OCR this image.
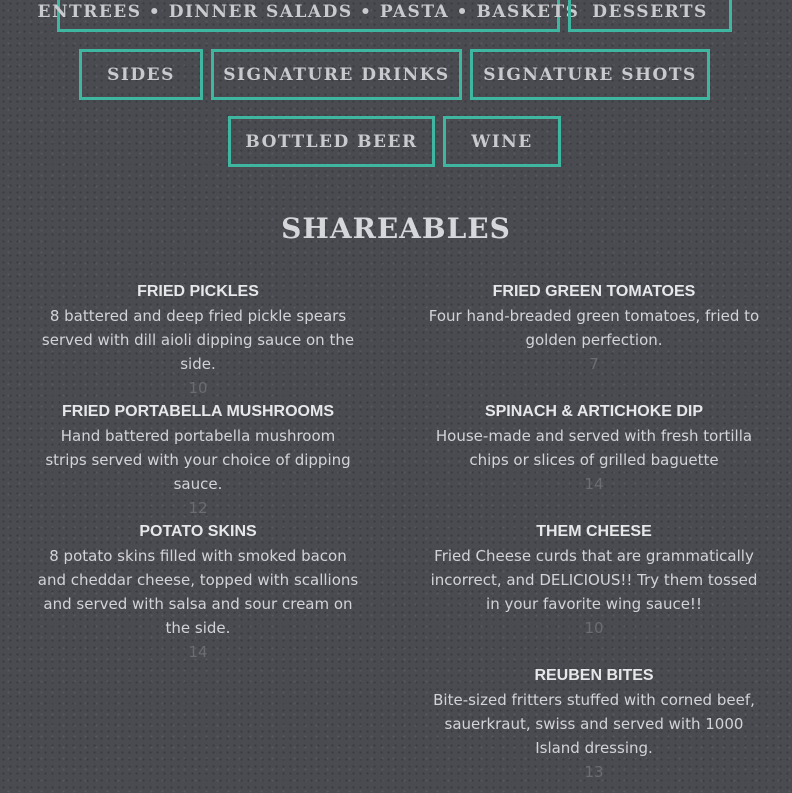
ENTREES • DINNER SALADS • PASTA • BASKETS DESSERTS
SIDES	SIGNATURE DRINKS	SIGNATURE SHOTS
BOTTLED BEER	WINE
SHAREABLES
FRIED PICKLES
8 battered and deep fried pickle spears served with dill aioli dipping sauce on the side.
10
FRIED PORTABELLA MUSHROOMS
Hand battered portabella mushroom strips served with your choice of dipping sauce.
12
POTATO SKINS
8 potato skins filled with smoked bacon and cheddar cheese, topped with scallions and served with salsa and sour cream on the side.
14
FRIED GREEN TOMATOES
Four hand-breaded green tomatoes, fried to golden perfection.
7
SPINACH & ARTICHOKE DIP
House-made and served with fresh tortilla chips or slices of grilled baguette
14
THEM CHEESE
Fried Cheese curds that are grammatically incorrect, and DELICIOUS!! Try them tossed in your favorite wing sauce!!
10
REUBEN BITES
Bite-sized fritters stuffed with corned beef, sauerkraut, swiss and served with 1000 Island dressing.
13
